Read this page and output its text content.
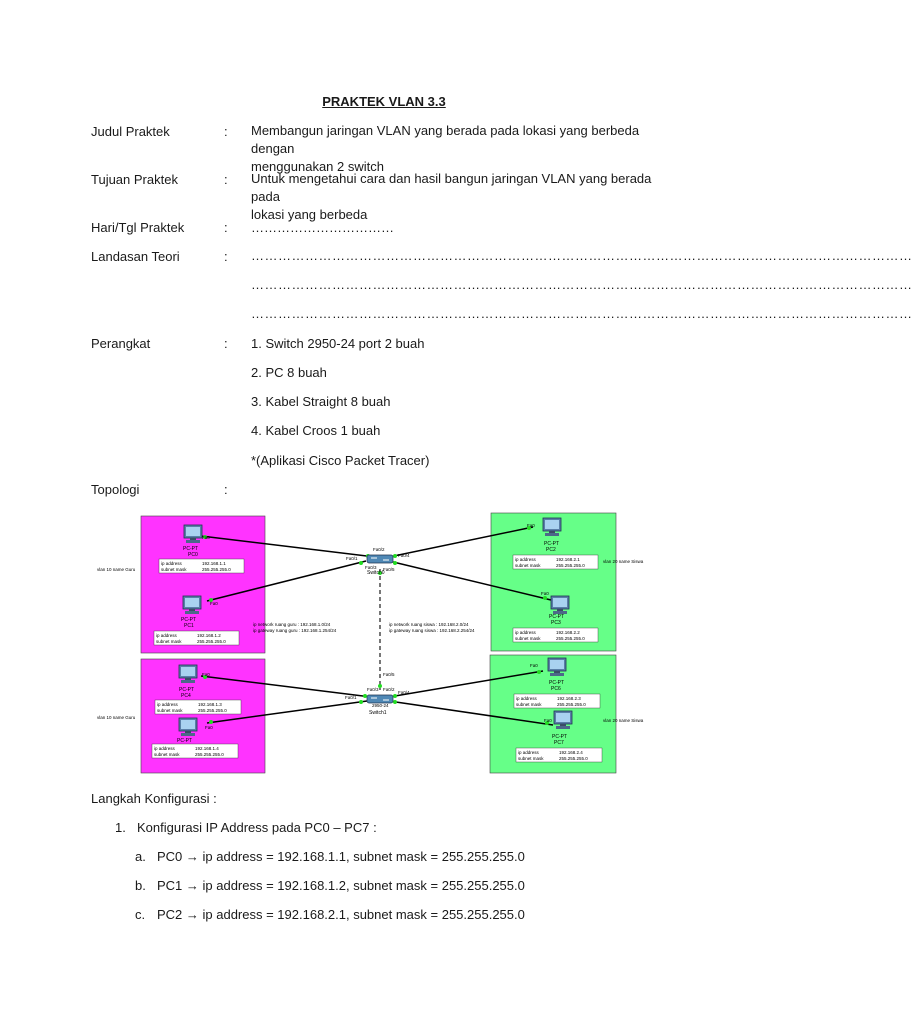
PRAKTEK VLAN 3.3
Judul Praktek	: Membangun jaringan VLAN yang berada pada lokasi yang berbeda dengan
menggunakan 2 switch
Tujuan Praktek	: Untuk mengetahui cara dan hasil bangun jaringan VLAN yang berada pada
lokasi yang berbeda
Hari/Tgl Praktek	: ……………………………
Landasan Teori	: …………………………………………………………………………………………………………………………………
…………………………………………………………………………………………………………………………………
…………………………………………………………………………………………………………………………………
Perangkat	: 1. Switch 2950-24 port 2 buah
2. PC 8 buah
3. Kabel Straight 8 buah
4. Kabel Croos 1 buah
*(Aplikasi Cisco Packet Tracer)
Topologi	:
Switch0
Fa0/1
Fa0/2
Fa0/3
Fa0/4
Fa0/5
Switch1
2950-24
Fa0/1
Fa0/2
Fa0/3
Fa0/4
Fa0/5
Fa0
PC-PT
PC0
ip address	192.168.1.1
subnet mask	255.255.255.0
Fa0
PC-PT
PC1
ip address	192.168.1.2
subnet mask	255.255.255.0
Fa0
PC-PT
PC2
ip address	192.168.2.1
subnet mask	255.255.255.0
Fa0
PC-PT
PC3
ip address	192.168.2.2
subnet mask	255.255.255.0
Fa0
PC-PT
PC4
ip address	192.168.1.3
subnet mask	255.255.255.0
Fa0
PC-PT
ip address	192.168.1.4
subnet mask	255.255.255.0
Fa0
PC-PT
PC6
ip address	192.168.2.3
subnet mask	255.255.255.0
Fa0
PC-PT
PC7
ip address	192.168.2.4
subnet mask	255.255.255.0
vlan 10 name Guru
vlan 10 name Guru
vlan 20 name Siswa
vlan 20 name Siswa
ip network ruang guru : 192.168.1.0/24
ip gateway ruang guru : 192.168.1.254/24
ip network ruang siswa : 192.168.2.0/24
ip gateway ruang siswa : 192.168.2.254/24
Langkah Konfigurasi :
1. Konfigurasi IP Address pada PC0 – PC7 :
a. PC0 → ip address = 192.168.1.1, subnet mask = 255.255.255.0
b. PC1 → ip address = 192.168.1.2, subnet mask = 255.255.255.0
c. PC2 → ip address = 192.168.2.1, subnet mask = 255.255.255.0
